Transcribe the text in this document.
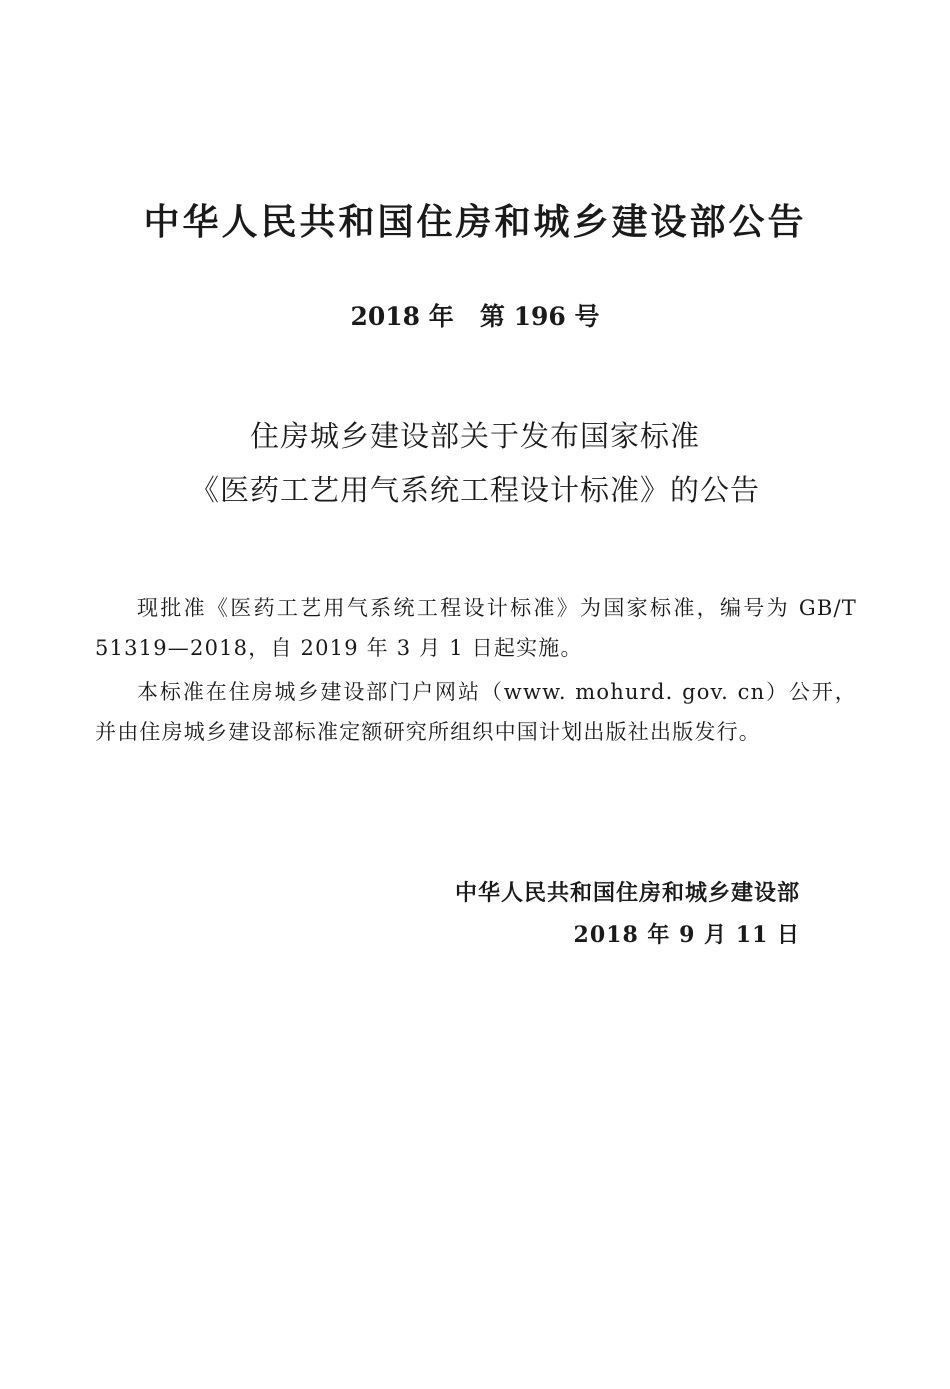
中华人民共和国住房和城乡建设部公告
2018 年   第 196 号
住房城乡建设部关于发布国家标准
《医药工艺用气系统工程设计标准》的公告

现批准《医药工艺用气系统工程设计标准》为国家标准，编号为 GB/T 51319—2018，自 2019 年 3 月 1 日起实施。

本标准在住房城乡建设部门户网站（www. mohurd. gov. cn）公开，并由住房城乡建设部标准定额研究所组织中国计划出版社出版发行。

中华人民共和国住房和城乡建设部
2018 年 9 月 11 日
